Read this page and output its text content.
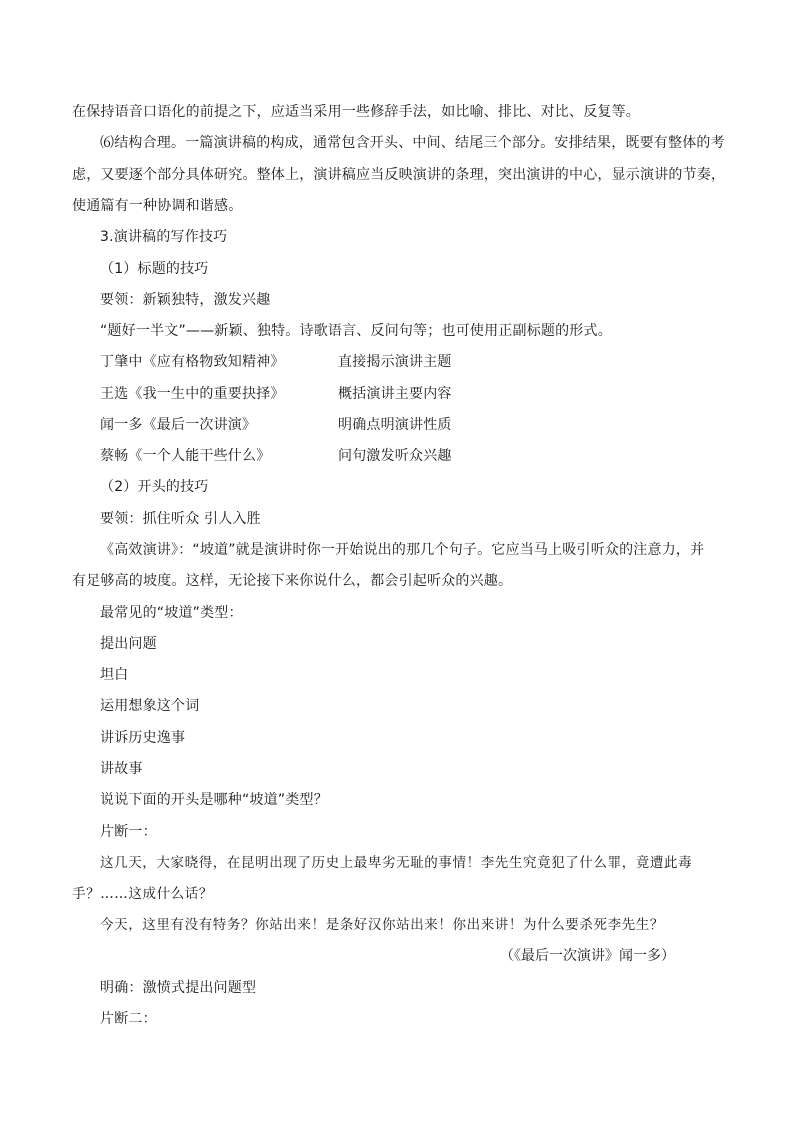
在保持语音口语化的前提之下，应适当采用一些修辞手法，如比喻、排比、对比、反复等。
⑹结构合理。一篇演讲稿的构成，通常包含开头、中间、结尾三个部分。安排结果，既要有整体的考
虑，又要逐个部分具体研究。整体上，演讲稿应当反映演讲的条理，突出演讲的中心，显示演讲的节奏，
使通篇有一种协调和谐感。
3.演讲稿的写作技巧
（1）标题的技巧
要领：新颖独特，激发兴趣
“题好一半文”——新颖、独特。诗歌语言、反问句等；也可使用正副标题的形式。
丁肇中《应有格物致知精神》	直接揭示演讲主题
王选《我一生中的重要抉择》	概括演讲主要内容
闻一多《最后一次讲演》	明确点明演讲性质
蔡畅《一个人能干些什么》	问句激发听众兴趣
（2）开头的技巧
要领：抓住听众 引人入胜
《高效演讲》：“坡道”就是演讲时你一开始说出的那几个句子。它应当马上吸引听众的注意力，并
有足够高的坡度。这样，无论接下来你说什么，都会引起听众的兴趣。
最常见的“坡道”类型：
提出问题
坦白
运用想象这个词
讲诉历史逸事
讲故事
说说下面的开头是哪种“坡道”类型？
片断一：
这几天，大家晓得，在昆明出现了历史上最卑劣无耻的事情！李先生究竟犯了什么罪，竟遭此毒
手？……这成什么话？
今天，这里有没有特务？你站出来！是条好汉你站出来！你出来讲！为什么要杀死李先生？
（《最后一次演讲》闻一多）
明确：激愤式提出问题型
片断二：
